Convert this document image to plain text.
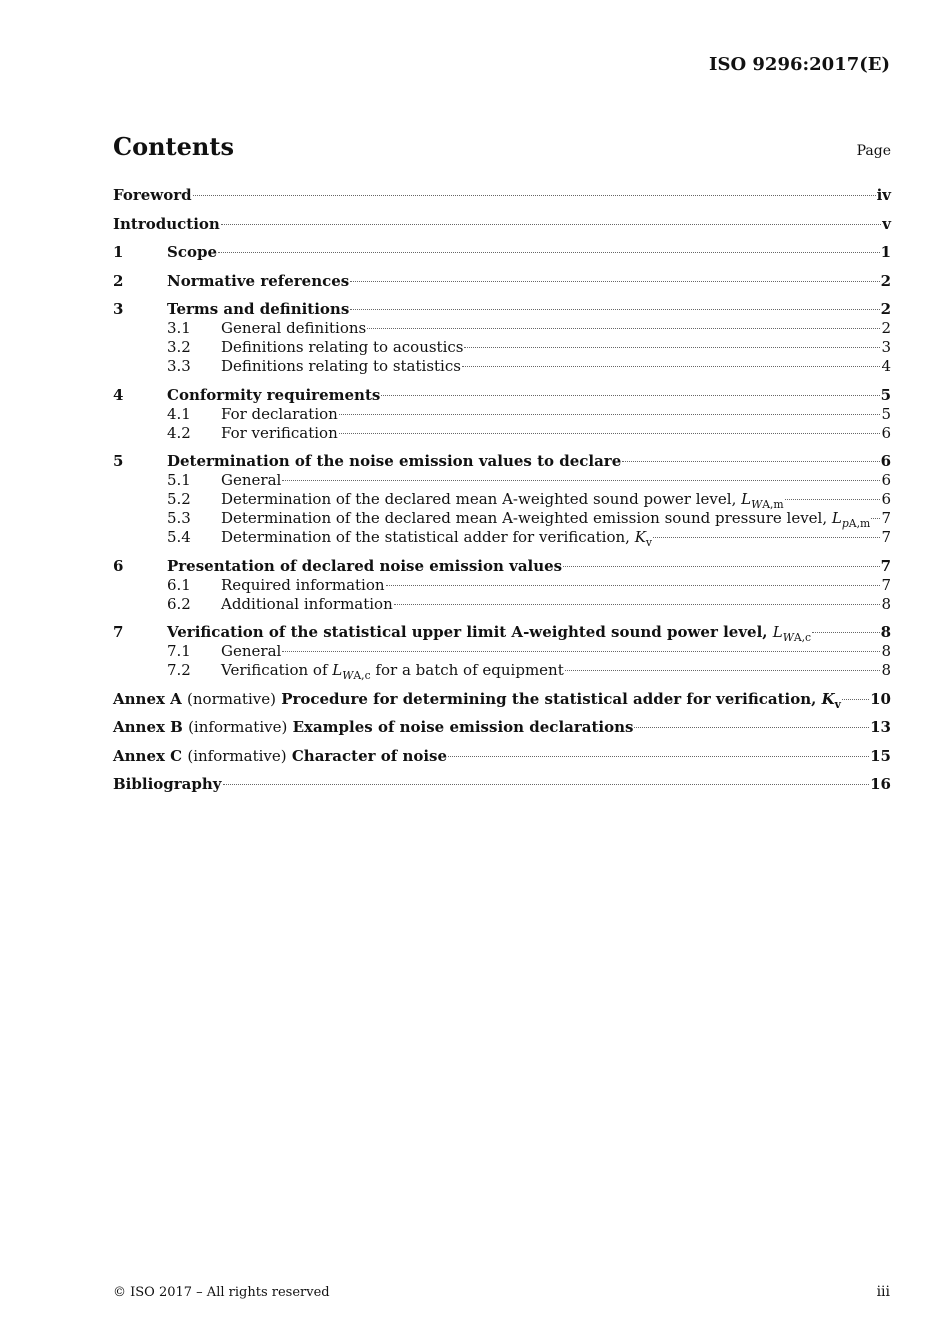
ISO 9296:2017(E)
Contents	Page
Foreword	iv
Introduction	v
1	Scope	1
2	Normative references	2
3	Terms and definitions	2
3.1	General definitions	2
3.2	Definitions relating to acoustics	3
3.3	Definitions relating to statistics	4
4	Conformity requirements	5
4.1	For declaration	5
4.2	For verification	6
5	Determination of the noise emission values to declare	6
5.1	General	6
5.2	Determination of the declared mean A-weighted sound power level, $L_{WA,m}$	6
5.3	Determination of the declared mean A-weighted emission sound pressure level, $L_{pA,m}$ 7
5.4	Determination of the statistical adder for verification, $K_v$	7
6	Presentation of declared noise emission values	7
6.1	Required information	7
6.2	Additional information	8
7	Verification of the statistical upper limit A-weighted sound power level, $L_{WA,c}$	8
7.1	General	8
7.2	Verification of $L_{WA,c}$ for a batch of equipment	8
Annex A (normative) Procedure for determining the statistical adder for verification, $K_v$ 10
Annex B (informative) Examples of noise emission declarations	13
Annex C (informative) Character of noise	15
Bibliography	16
© ISO 2017 – All rights reserved	iii
